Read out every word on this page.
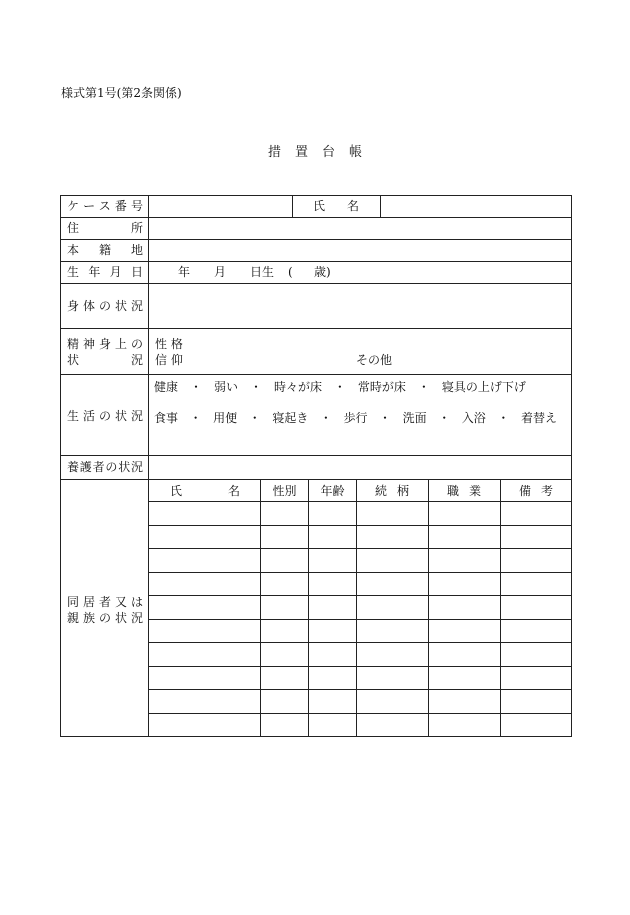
様式第1号(第2条関係)
措置台帳
ケース番号	氏名
住所
本籍地
生年月日	年 月 日生 ( 歳)
身体の状況
精神身上の
状況
性 格
信 仰	その他
生活の状況
健康 ・ 弱い ・ 時々が床 ・ 常時が床 ・ 寝具の上げ下げ
食事 ・ 用便 ・ 寝起き ・ 歩行 ・ 洗面 ・ 入浴 ・ 着替え
養護者の状況
同居者又は
親族の状況
氏名	性別	年齢	続柄	職業	備考
